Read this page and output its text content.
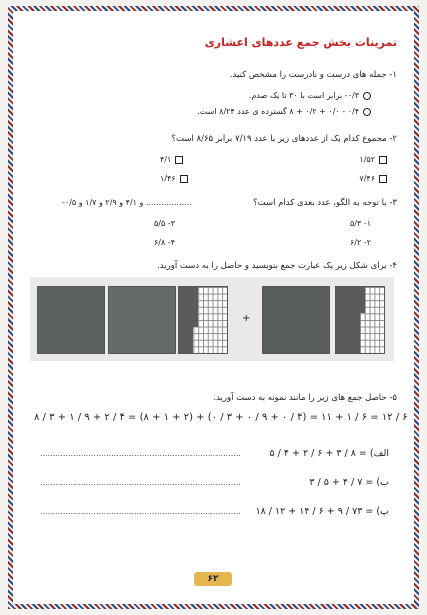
تمرینات بخش جمع عددهای اعشاری
۱- جمله های درست و نادرست را مشخص کنید.
۰/۳- برابر است با ۳۰ تا یک صدم.
۰/۴ - ۰/۰ + ۰/۲ + ۸ گسترده ی عدد ۸/۲۴ است.
۲- مجموع کدام یک از عددهای زیر با عدد ۷/۱۹ برابر ۸/۶۵ است؟
۱/۵۲
۴/۱
۷/۴۶
۱/۴۶
۳- با توجه به الگو، عدد بعدی کدام است؟
.................. و ۴/۱ و ۲/۹ و ۱/۷ و ۰/۵-
۱- ۵/۳
۳- ۵/۵
۲- ۶/۲
۴- ۶/۸
۴- برای شکل زیر یک عبارت جمع بنویسید و حاصل را به دست آورید.
+
۵- حاصل جمع های زیر را مانند نمونه به دست آورید.
۸ / ۳ + ۱ / ۹ + ۲ / ۴ = (۸ + ۱ + ۲) + (۰ / ۳ + ۰ / ۹ + ۰ / ۴) = ۱۱ + ۱ / ۶ = ۱۲ / ۶
۵ / ۴ + ۲ / ۶ + ۳ / ۸ = (الف
...............................................................................
۳ / ۵ + ۴ / ۷ = (ب
...............................................................................
۱۸ / ۱۲ + ۱۴ / ۶ + ۹ / ۷۳ = (پ
...............................................................................
۶۲
